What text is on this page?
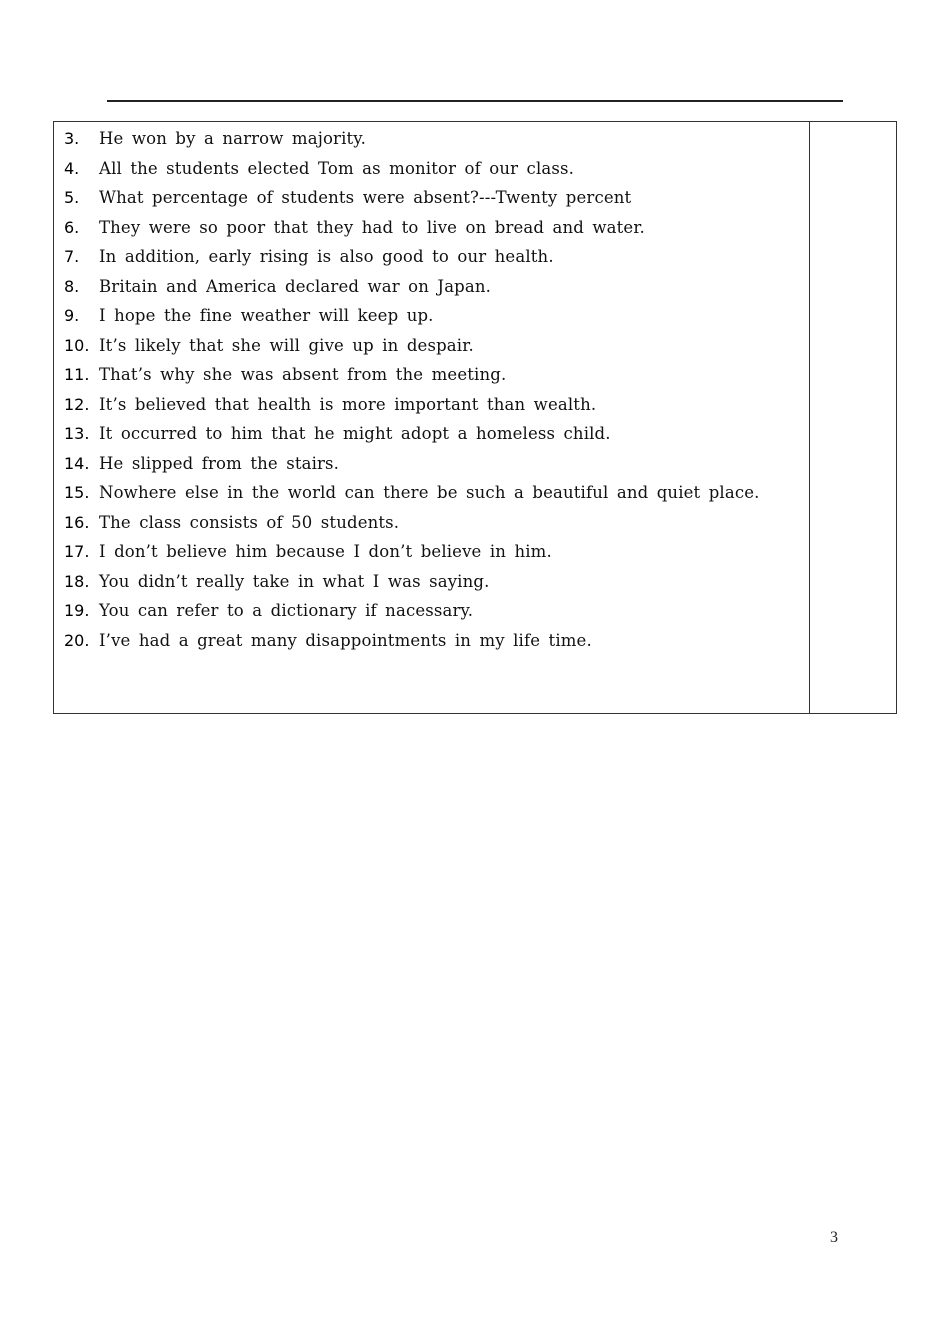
3.	He won by a narrow majority.
4.	All the students elected Tom as monitor of our class.
5.	What percentage of students were absent?---Twenty percent
6.	They were so poor that they had to live on bread and water.
7.	In addition, early rising is also good to our health.
8.	Britain and America declared war on Japan.
9.	I hope the fine weather will keep up.
10. It’s likely that she will give up in despair.
11. That’s why she was absent from the meeting.
12. It’s believed that health is more important than wealth.
13. It occurred to him that he might adopt a homeless child.
14. He slipped from the stairs.
15. Nowhere else in the world can there be such a beautiful and quiet place.
16. The class consists of 50 students.
17. I don’t believe him because I don’t believe in him.
18. You didn’t really take in what I was saying.
19. You can refer to a dictionary if nacessary.
20. I’ve had a great many disappointments in my life time.
3
